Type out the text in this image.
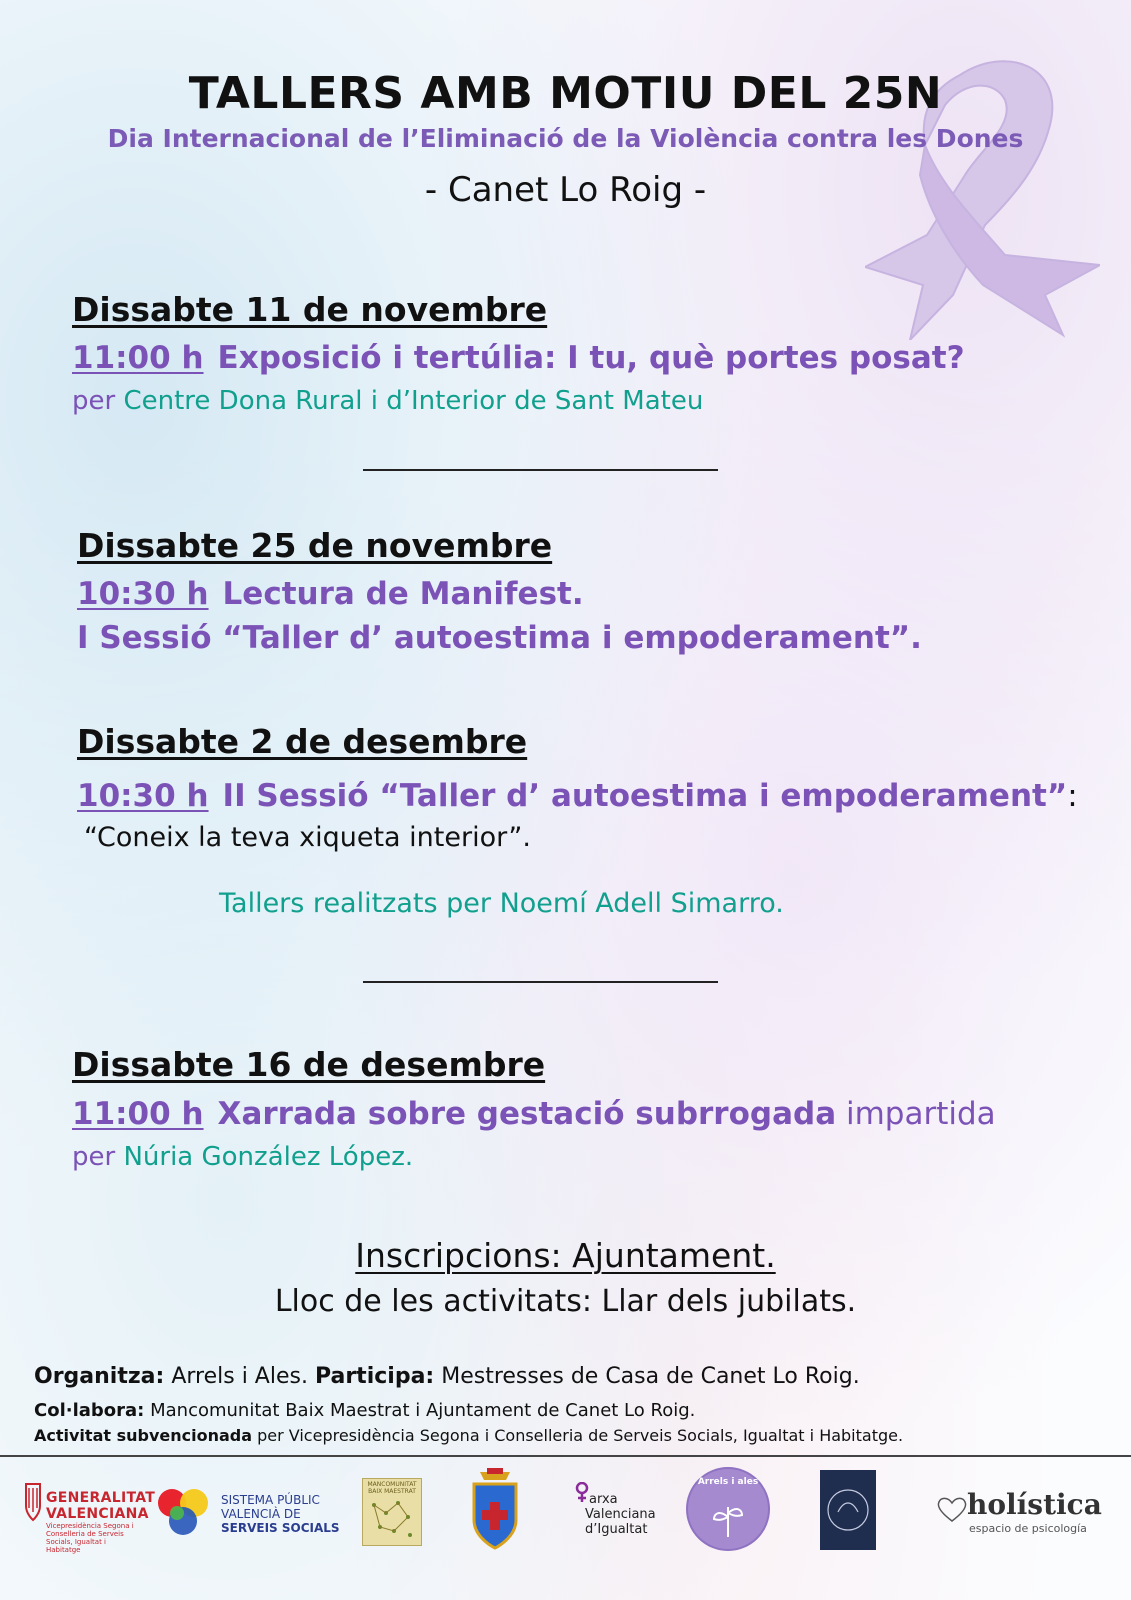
TALLERS AMB MOTIU DEL 25N
Dia Internacional de l’Eliminació de la Violència contra les Dones
- Canet Lo Roig -
Dissabte 11 de novembre
11:00 h Exposició i tertúlia: I tu, què portes posat?
per Centre Dona Rural i d’Interior de Sant Mateu
Dissabte 25 de novembre
10:30 h Lectura de Manifest.
I Sessió “Taller d’ autoestima i empoderament”.
Dissabte 2 de desembre
10:30 h II Sessió “Taller d’ autoestima i empoderament”:
“Coneix la teva xiqueta interior”.
Tallers realitzats per Noemí Adell Simarro.
Dissabte 16 de desembre
11:00 h Xarrada sobre gestació subrrogada impartida
per Núria González López.
Inscripcions: Ajuntament.
Lloc de les activitats: Llar dels jubilats.
Organitza: Arrels i Ales. Participa: Mestresses de Casa de Canet Lo Roig.
Col·labora: Mancomunitat Baix Maestrat i Ajuntament de Canet Lo Roig.
Activitat subvencionada per Vicepresidència Segona i Conselleria de Serveis Socials, Igualtat i Habitatge.
GENERALITAT
VALENCIANA
Vicepresidència Segona i Conselleria de Serveis Socials, Igualtat i Habitatge
SISTEMA PÚBLIC
VALENCIÀ DE
SERVEIS SOCIALS
MANCOMUNITAT BAIX MAESTRAT
arxa
Valenciana
d’Igualtat
Arrels i ales
holística
espacio de psicología
